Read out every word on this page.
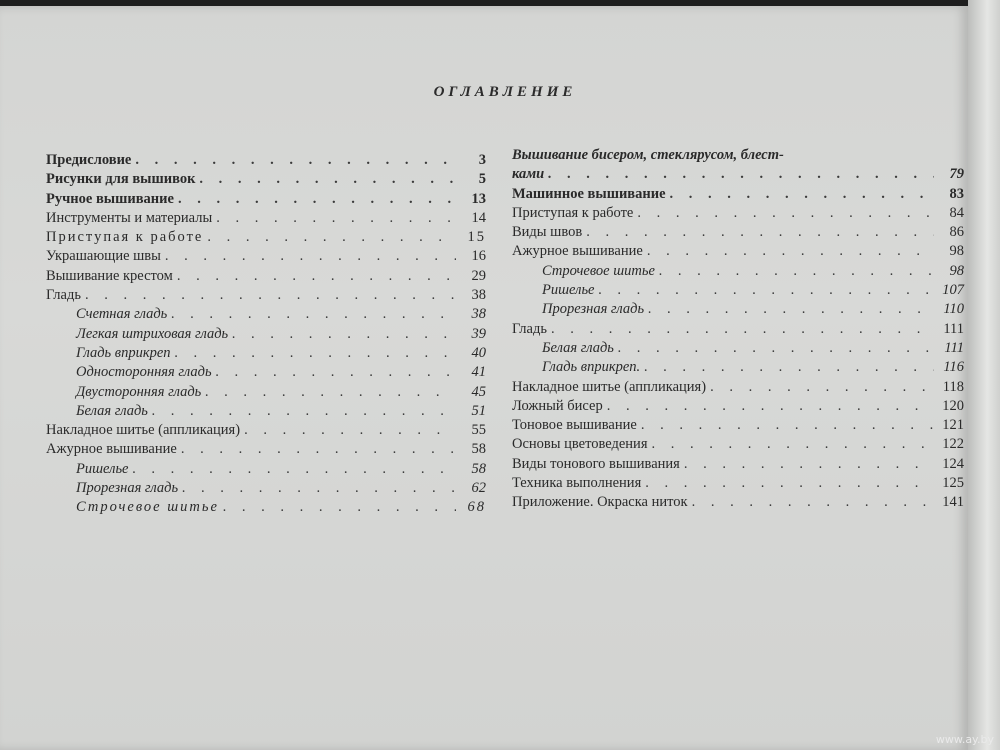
ОГЛАВЛЕНИЕ
Предисловие . . .	3
Рисунки для вышивок . . .	5
Ручное вышивание . . .	13
Инструменты и материалы . . .	14
Приступая к работе . . .	15
Украшающие швы . . .	16
Вышивание крестом . . .	29
Гладь . . .	38
Счетная гладь . . .	38
Легкая штриховая гладь . . .	39
Гладь вприкреп . . .	40
Односторонняя гладь . . .	41
Двусторонняя гладь . . .	45
Белая гладь . . .	51
Накладное шитье (аппликация) . . .	55
Ажурное вышивание . . .	58
Ришелье . . .	58
Прорезная гладь . . .	62
Строчевое шитье . . .	68
Вышивание бисером, стеклярусом, блест-
ками . . .	79
Машинное вышивание . . .	83
Приступая к работе . . .	84
Виды швов . . .	86
Ажурное вышивание . . .	98
Строчевое шитье . . .	98
Ришелье . . .	107
Прорезная гладь . . .	110
Гладь . . .	111
Белая гладь . . .	111
Гладь вприкреп. . . .	116
Накладное шитье (аппликация) . . .	118
Ложный бисер . . .	120
Тоновое вышивание . . .	121
Основы цветоведения . . .	122
Виды тонового вышивания . . .	124
Техника выполнения . . .	125
Приложение. Окраска ниток . . .	141
www.ay.by
